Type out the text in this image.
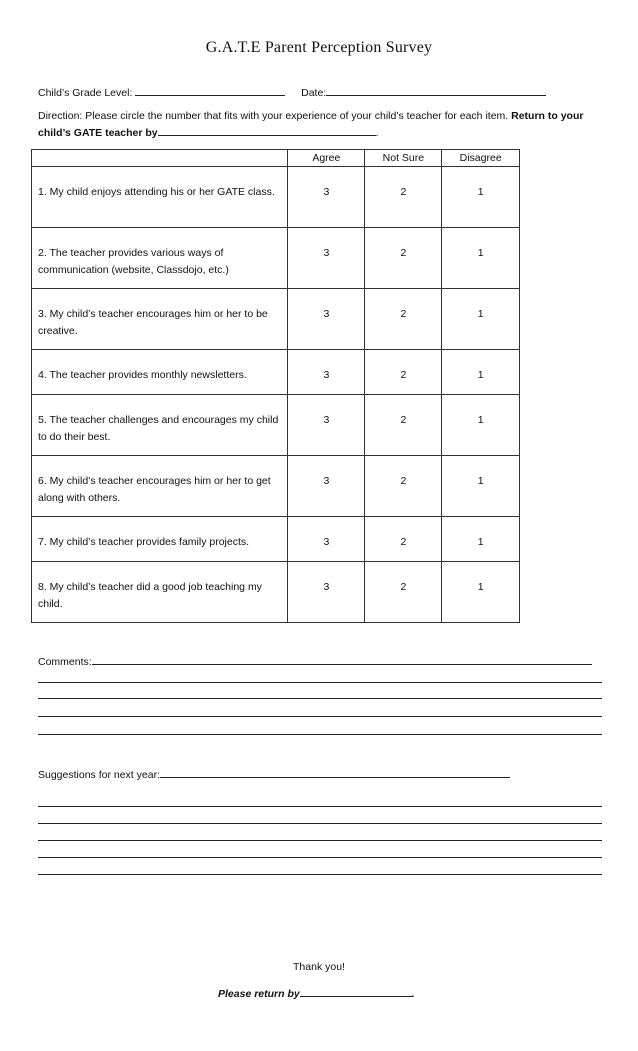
G.A.T.E Parent Perception Survey
Child’s Grade Level:	Date:
Direction: Please circle the number that fits with your experience of your child’s teacher for each item. Return to your child’s GATE teacher by	.
	Agree	Not Sure	Disagree
1. My child enjoys attending his or her GATE class.	3	2	1
2. The teacher provides various ways of communication (website, Classdojo, etc.)	3	2	1
3. My child’s teacher encourages him or her to be creative.	3	2	1
4. The teacher provides monthly newsletters.	3	2	1
5. The teacher challenges and encourages my child to do their best.	3	2	1
6. My child’s teacher encourages him or her to get along with others.	3	2	1
7. My child’s teacher provides family projects.	3	2	1
8. My child’s teacher did a good job teaching my child.	3	2	1
Comments:
Suggestions for next year:
Thank you!
Please return by	.
